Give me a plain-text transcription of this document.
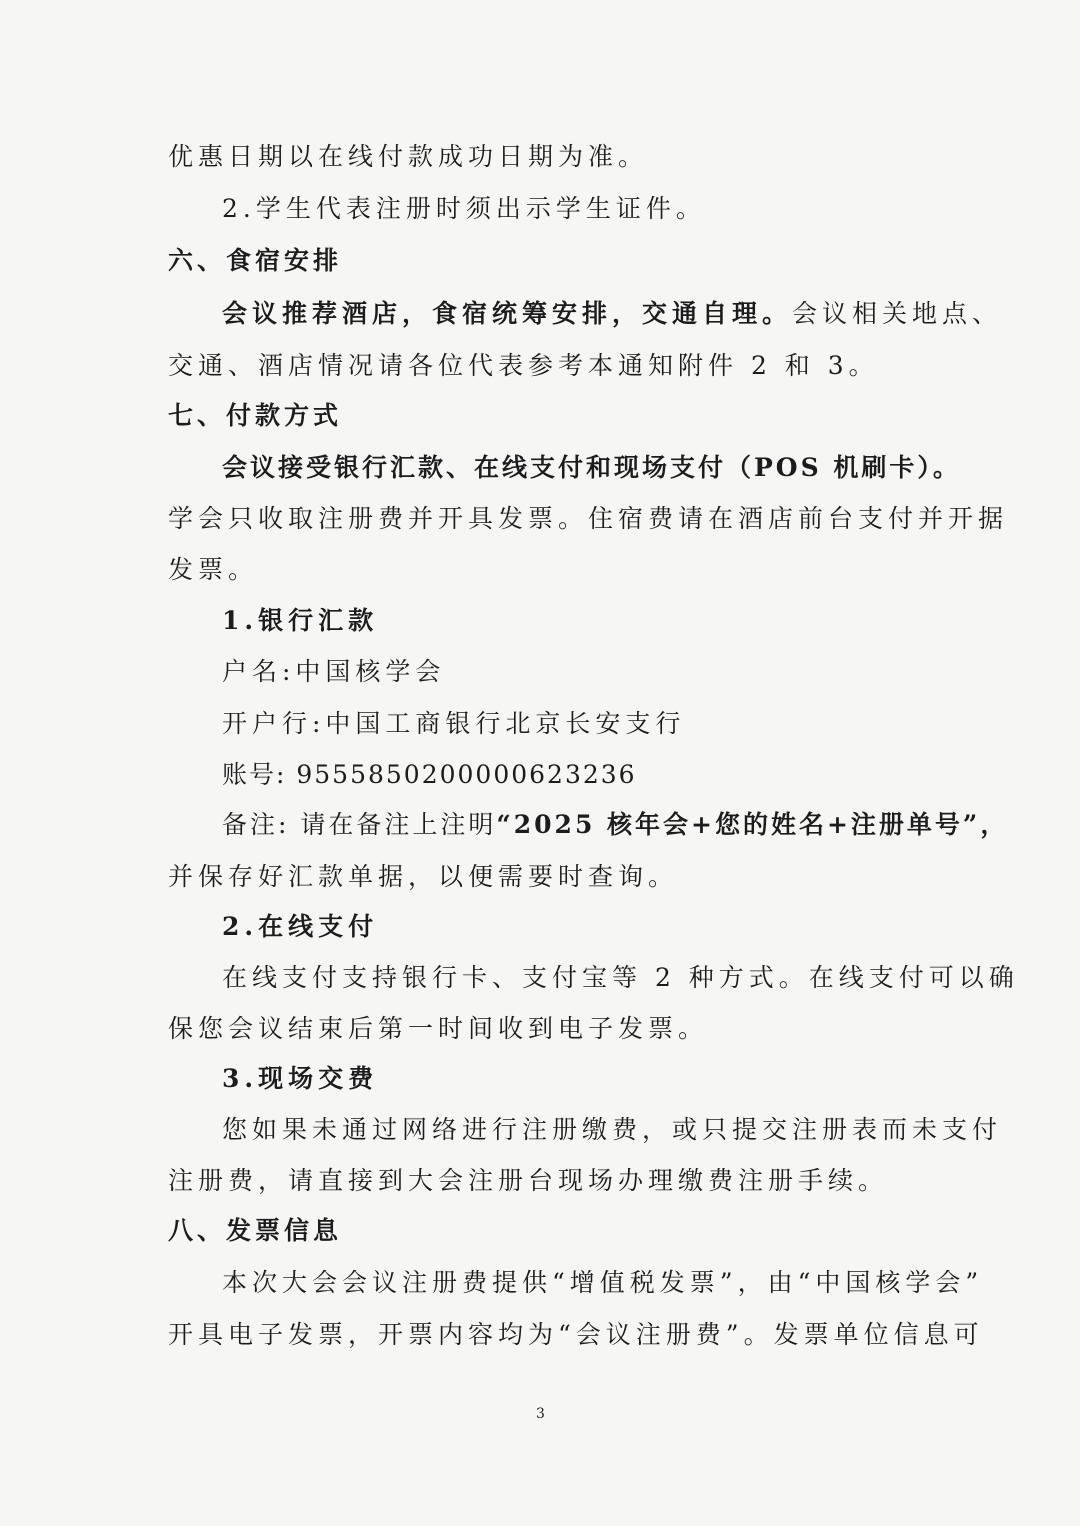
优惠日期以在线付款成功日期为准。
2.学生代表注册时须出示学生证件。
六、食宿安排
会议推荐酒店，食宿统筹安排，交通自理。会议相关地点、
交通、酒店情况请各位代表参考本通知附件 2 和 3。
七、付款方式
会议接受银行汇款、在线支付和现场支付（POS 机刷卡）。
学会只收取注册费并开具发票。住宿费请在酒店前台支付并开据
发票。
1.银行汇款
户名:中国核学会
开户行:中国工商银行北京长安支行
账号: 9555850200000623236
备注: 请在备注上注明“2025 核年会+您的姓名+注册单号”，
并保存好汇款单据，以便需要时查询。
2.在线支付
在线支付支持银行卡、支付宝等 2 种方式。在线支付可以确
保您会议结束后第一时间收到电子发票。
3.现场交费
您如果未通过网络进行注册缴费，或只提交注册表而未支付
注册费，请直接到大会注册台现场办理缴费注册手续。
八、发票信息
本次大会会议注册费提供“增值税发票”，由“中国核学会”
开具电子发票，开票内容均为“会议注册费”。发票单位信息可
3
